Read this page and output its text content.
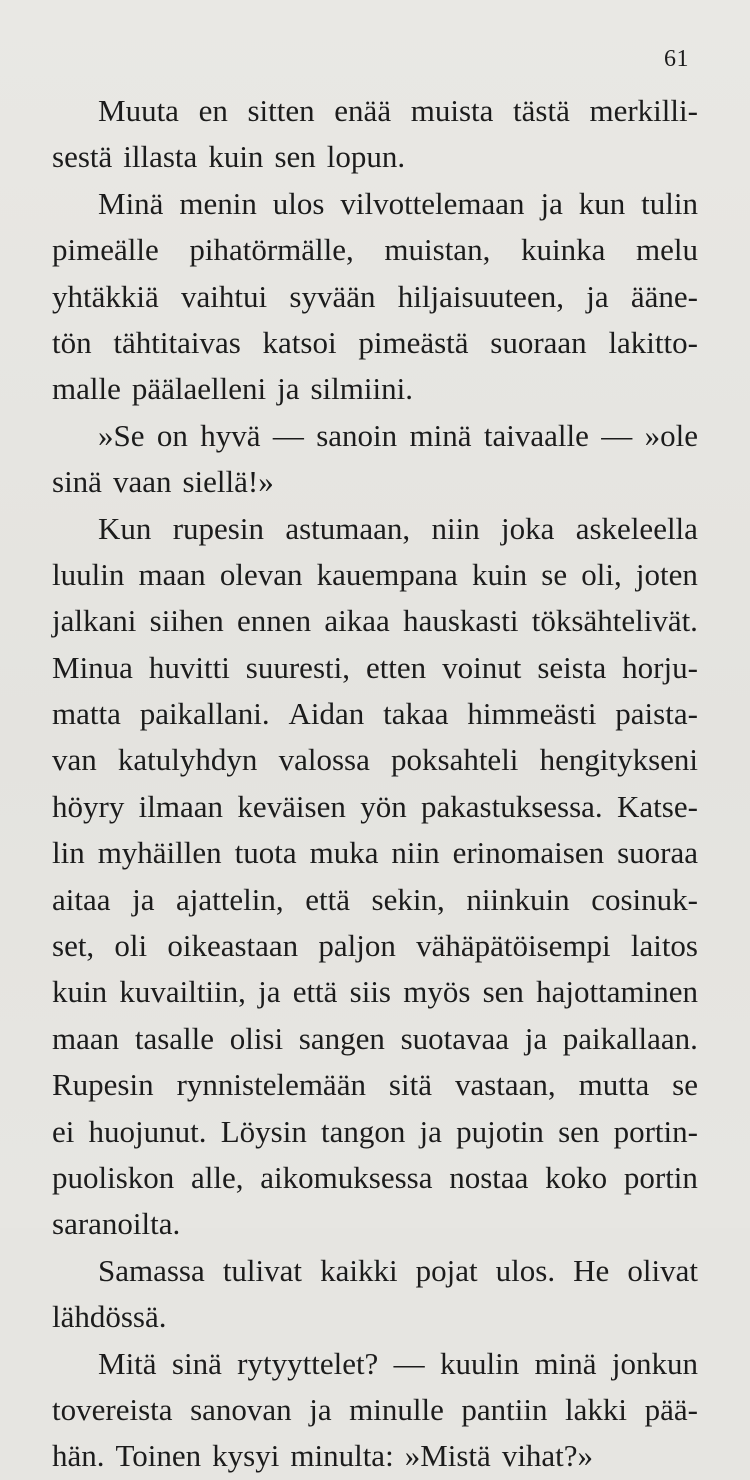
61
Muuta en sitten enää muista tästä merkilli-
sestä illasta kuin sen lopun.
Minä menin ulos vilvottelemaan ja kun tulin
pimeälle pihatörmälle, muistan, kuinka melu
yhtäkkiä vaihtui syvään hiljaisuuteen, ja ääne-
tön tähtitaivas katsoi pimeästä suoraan lakitto-
malle päälaelleni ja silmiini.
»Se on hyvä — sanoin minä taivaalle — »ole
sinä vaan siellä!»
Kun rupesin astumaan, niin joka askeleella
luulin maan olevan kauempana kuin se oli, joten
jalkani siihen ennen aikaa hauskasti töksähtelivät.
Minua huvitti suuresti, etten voinut seista horju-
matta paikallani. Aidan takaa himmeästi paista-
van katulyhdyn valossa poksahteli hengitykseni
höyry ilmaan keväisen yön pakastuksessa. Katse-
lin myhäillen tuota muka niin erinomaisen suoraa
aitaa ja ajattelin, että sekin, niinkuin cosinuk-
set, oli oikeastaan paljon vähäpätöisempi laitos
kuin kuvailtiin, ja että siis myös sen hajottaminen
maan tasalle olisi sangen suotavaa ja paikallaan.
Rupesin rynnistelemään sitä vastaan, mutta se
ei huojunut. Löysin tangon ja pujotin sen portin-
puoliskon alle, aikomuksessa nostaa koko portin
saranoilta.
Samassa tulivat kaikki pojat ulos. He olivat
lähdössä.
Mitä sinä rytyyttelet? — kuulin minä jonkun
tovereista sanovan ja minulle pantiin lakki pää-
hän. Toinen kysyi minulta: »Mistä vihat?»
